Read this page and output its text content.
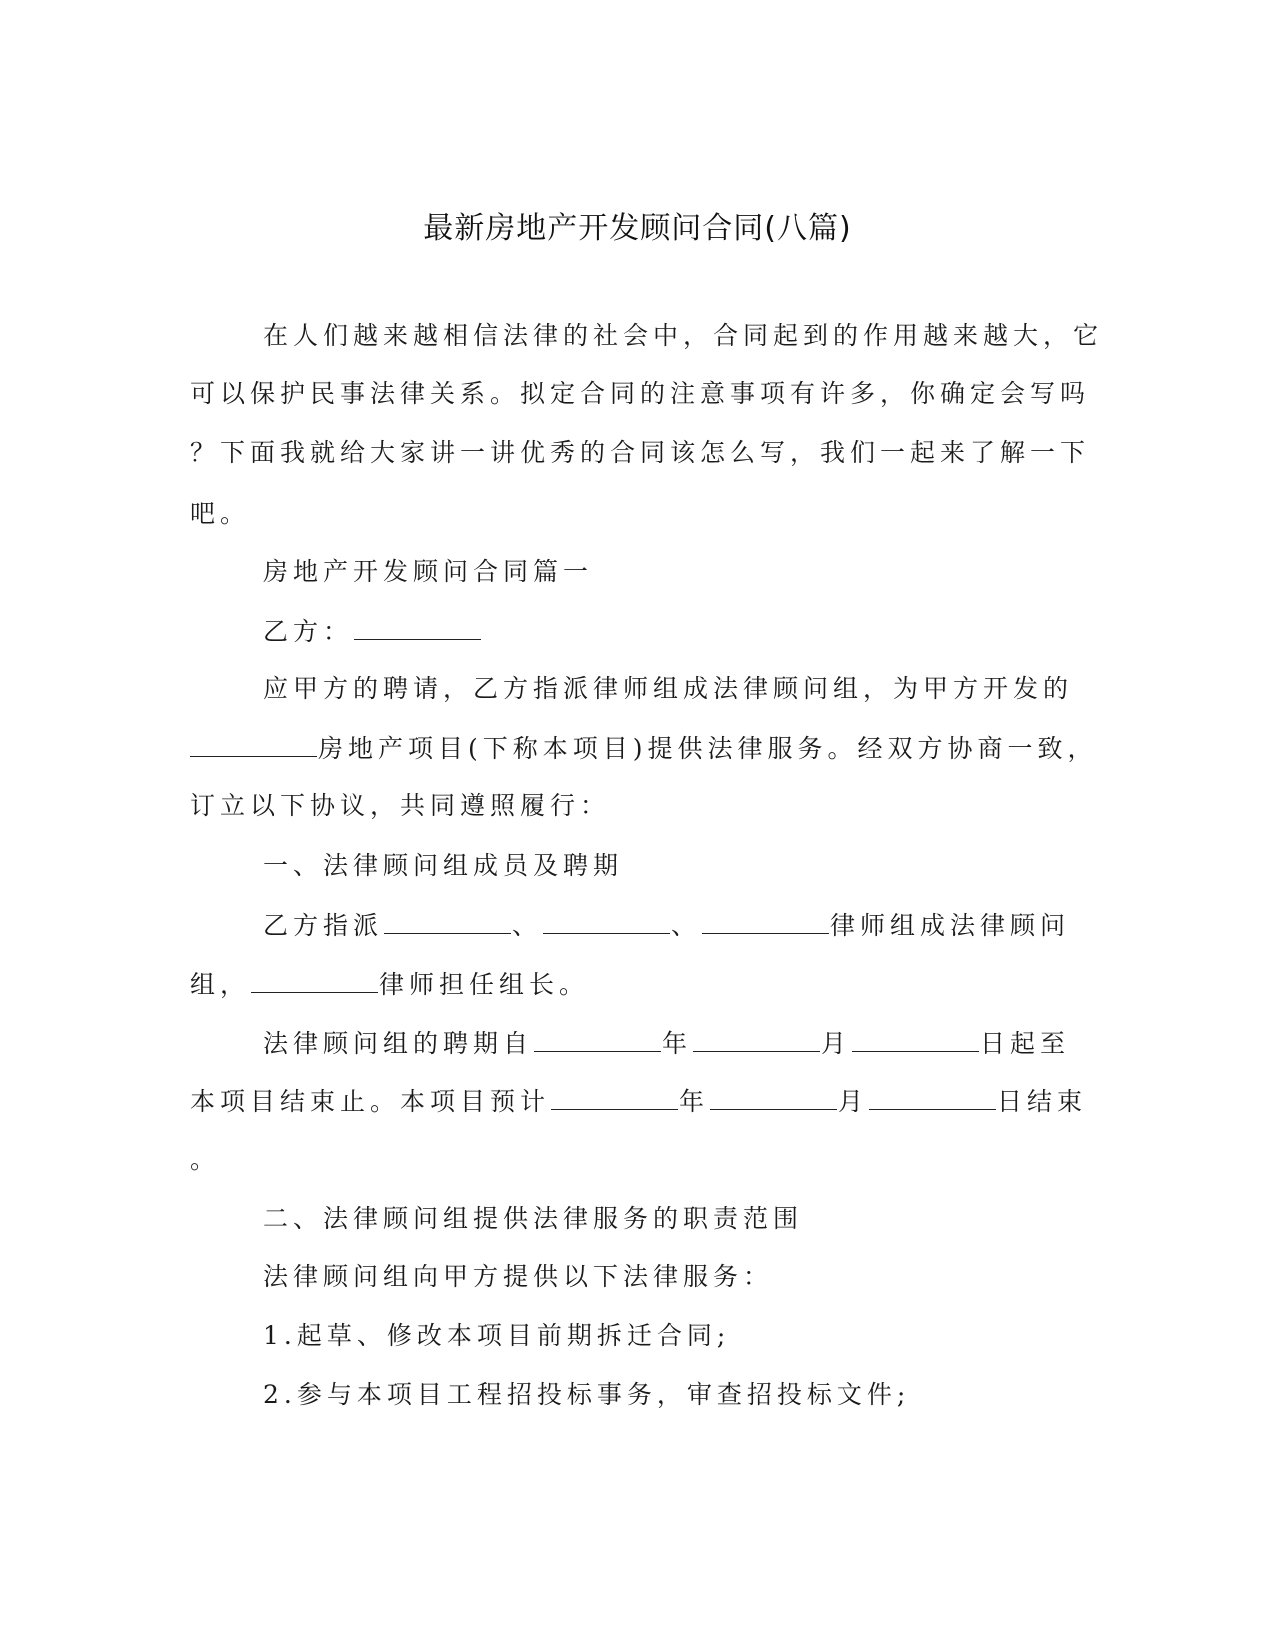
最新房地产开发顾问合同(八篇)
在人们越来越相信法律的社会中，合同起到的作用越来越大，它
可以保护民事法律关系。拟定合同的注意事项有许多，你确定会写吗
？下面我就给大家讲一讲优秀的合同该怎么写，我们一起来了解一下
吧。
房地产开发顾问合同篇一
乙方：
应甲方的聘请，乙方指派律师组成法律顾问组，为甲方开发的
房地产项目(下称本项目)提供法律服务。经双方协商一致，
订立以下协议，共同遵照履行：
一、法律顾问组成员及聘期
乙方指派	、	、	律师组成法律顾问
组，	律师担任组长。
法律顾问组的聘期自	年	月	日起至
本项目结束止。本项目预计	年	月	日结束
。
二、法律顾问组提供法律服务的职责范围
法律顾问组向甲方提供以下法律服务：
1.起草、修改本项目前期拆迁合同;
2.参与本项目工程招投标事务，审查招投标文件;
